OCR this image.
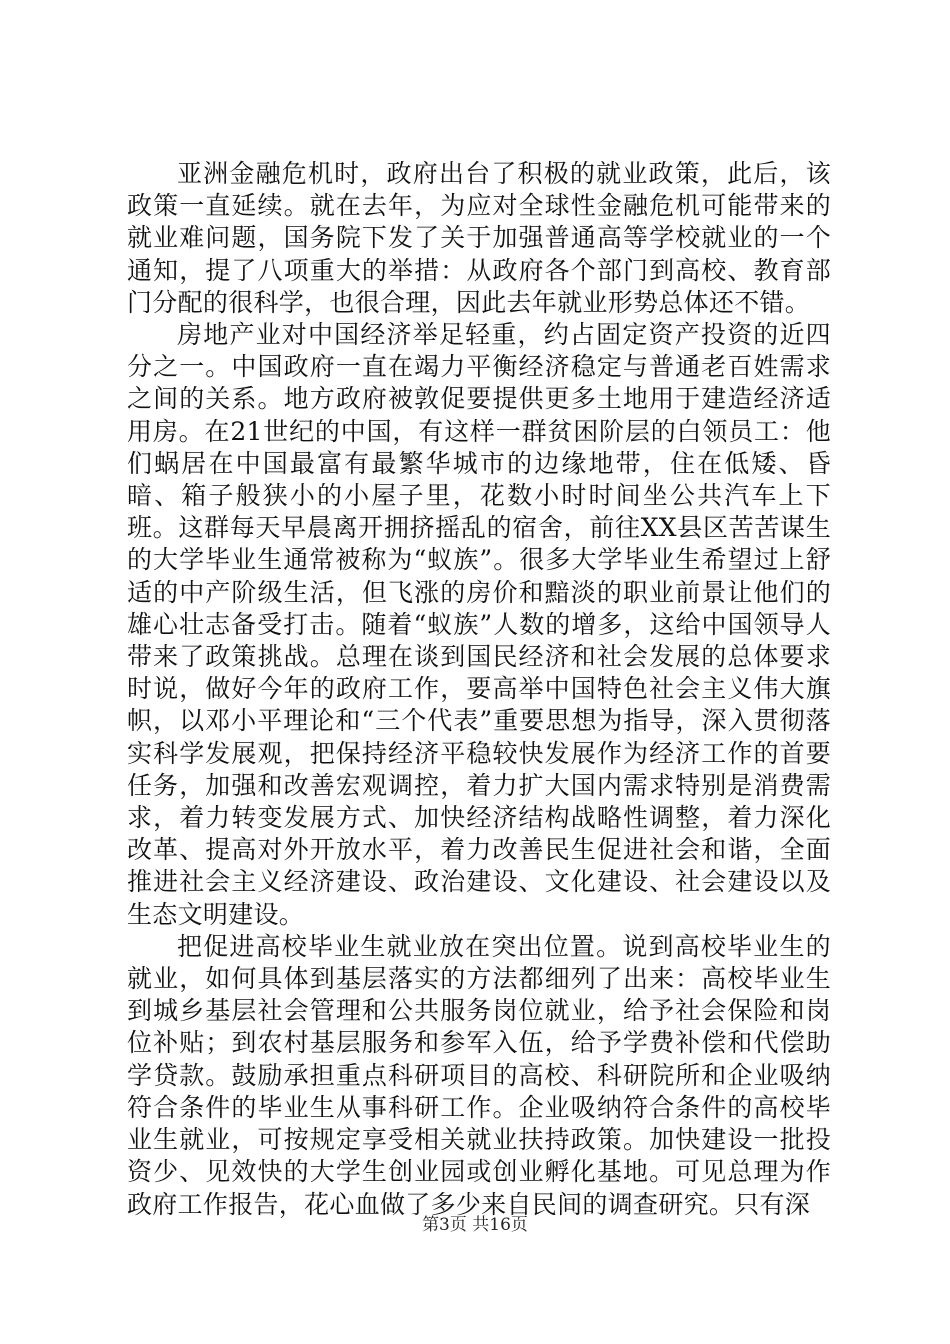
亚洲金融危机时，政府出台了积极的就业政策，此后，该政策一直延续。就在去年，为应对全球性金融危机可能带来的就业难问题，国务院下发了关于加强普通高等学校就业的一个通知，提了八项重大的举措：从政府各个部门到高校、教育部门分配的很科学，也很合理，因此去年就业形势总体还不错。

房地产业对中国经济举足轻重，约占固定资产投资的近四分之一。中国政府一直在竭力平衡经济稳定与普通老百姓需求之间的关系。地方政府被敦促要提供更多土地用于建造经济适用房。在21世纪的中国，有这样一群贫困阶层的白领员工：他们蜗居在中国最富有最繁华城市的边缘地带，住在低矮、昏暗、箱子般狭小的小屋子里，花数小时时间坐公共汽车上下班。这群每天早晨离开拥挤摇乱的宿舍，前往XX县区苦苦谋生的大学毕业生通常被称为“蚁族”。很多大学毕业生希望过上舒适的中产阶级生活，但飞涨的房价和黯淡的职业前景让他们的雄心壮志备受打击。随着“蚁族”人数的增多，这给中国领导人带来了政策挑战。总理在谈到国民经济和社会发展的总体要求时说，做好今年的政府工作，要高举中国特色社会主义伟大旗帜，以邓小平理论和“三个代表”重要思想为指导，深入贯彻落实科学发展观，把保持经济平稳较快发展作为经济工作的首要任务，加强和改善宏观调控，着力扩大国内需求特别是消费需求，着力转变发展方式、加快经济结构战略性调整，着力深化改革、提高对外开放水平，着力改善民生促进社会和谐，全面推进社会主义经济建设、政治建设、文化建设、社会建设以及生态文明建设。

把促进高校毕业生就业放在突出位置。说到高校毕业生的就业，如何具体到基层落实的方法都细列了出来：高校毕业生到城乡基层社会管理和公共服务岗位就业，给予社会保险和岗位补贴；到农村基层服务和参军入伍，给予学费补偿和代偿助学贷款。鼓励承担重点科研项目的高校、科研院所和企业吸纳符合条件的毕业生从事科研工作。企业吸纳符合条件的高校毕业生就业，可按规定享受相关就业扶持政策。加快建设一批投资少、见效快的大学生创业园或创业孵化基地。可见总理为作政府工作报告，花心血做了多少来自民间的调查研究。只有深

第3页 共16页
